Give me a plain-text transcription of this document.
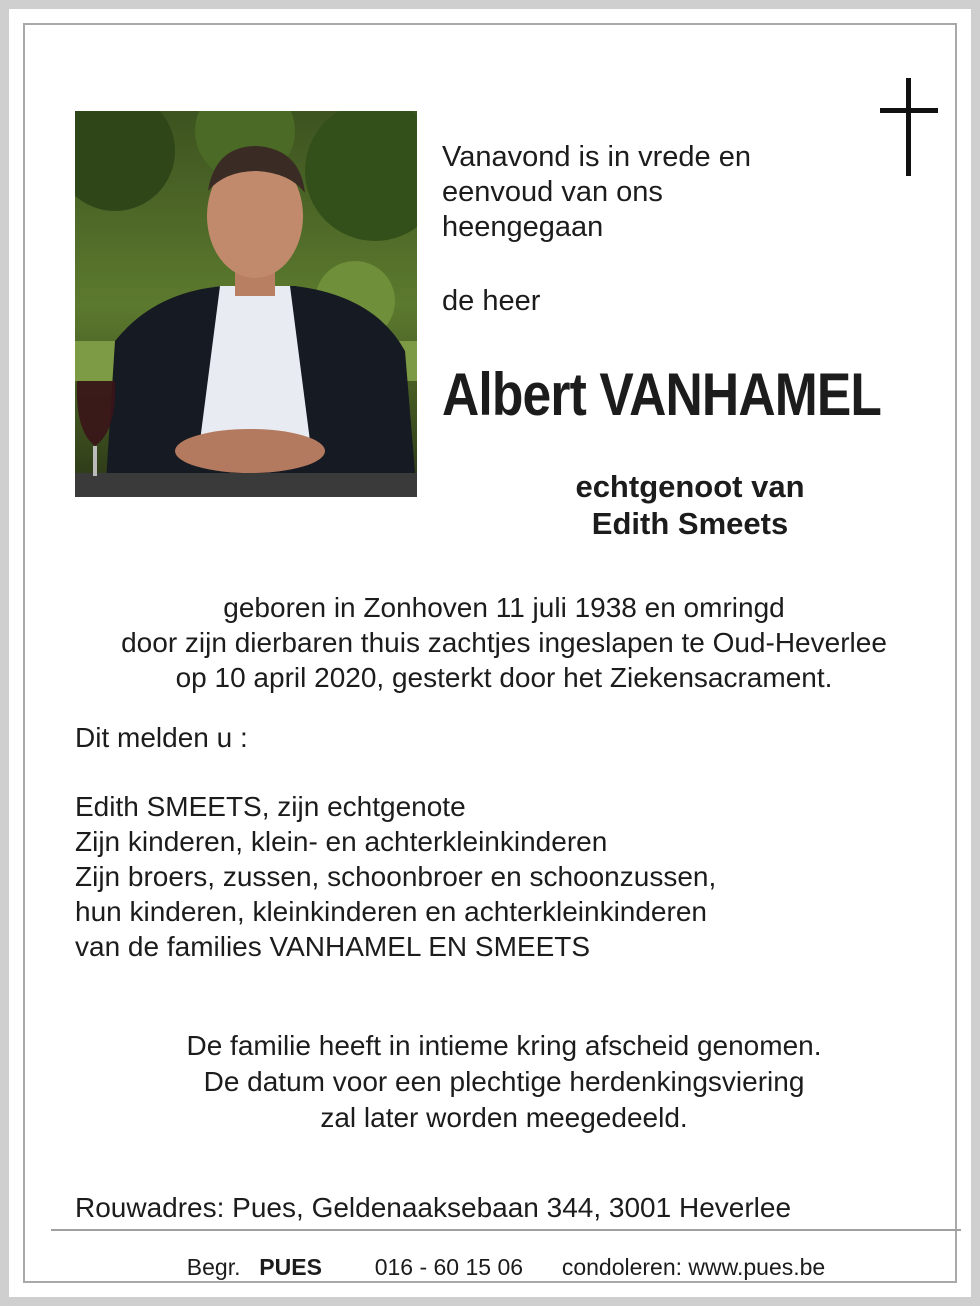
Vanavond is in vrede en
eenvoud van ons
heengegaan
de heer
Albert VANHAMEL
echtgenoot van
Edith Smeets
geboren in Zonhoven 11 juli 1938 en omringd
door zijn dierbaren thuis zachtjes ingeslapen te Oud-Heverlee
op 10 april 2020, gesterkt door het Ziekensacrament.
Dit melden u :
Edith SMEETS, zijn echtgenote
Zijn kinderen, klein- en achterkleinkinderen
Zijn broers, zussen, schoonbroer en schoonzussen,
hun kinderen, kleinkinderen en achterkleinkinderen
van de families VANHAMEL EN SMEETS
De familie heeft in intieme kring afscheid genomen.
De datum voor een plechtige herdenkingsviering
zal later worden meegedeeld.
Rouwadres: Pues, Geldenaaksebaan 344, 3001 Heverlee
Begr. PUES 016 - 60 15 06 condoleren: www.pues.be
